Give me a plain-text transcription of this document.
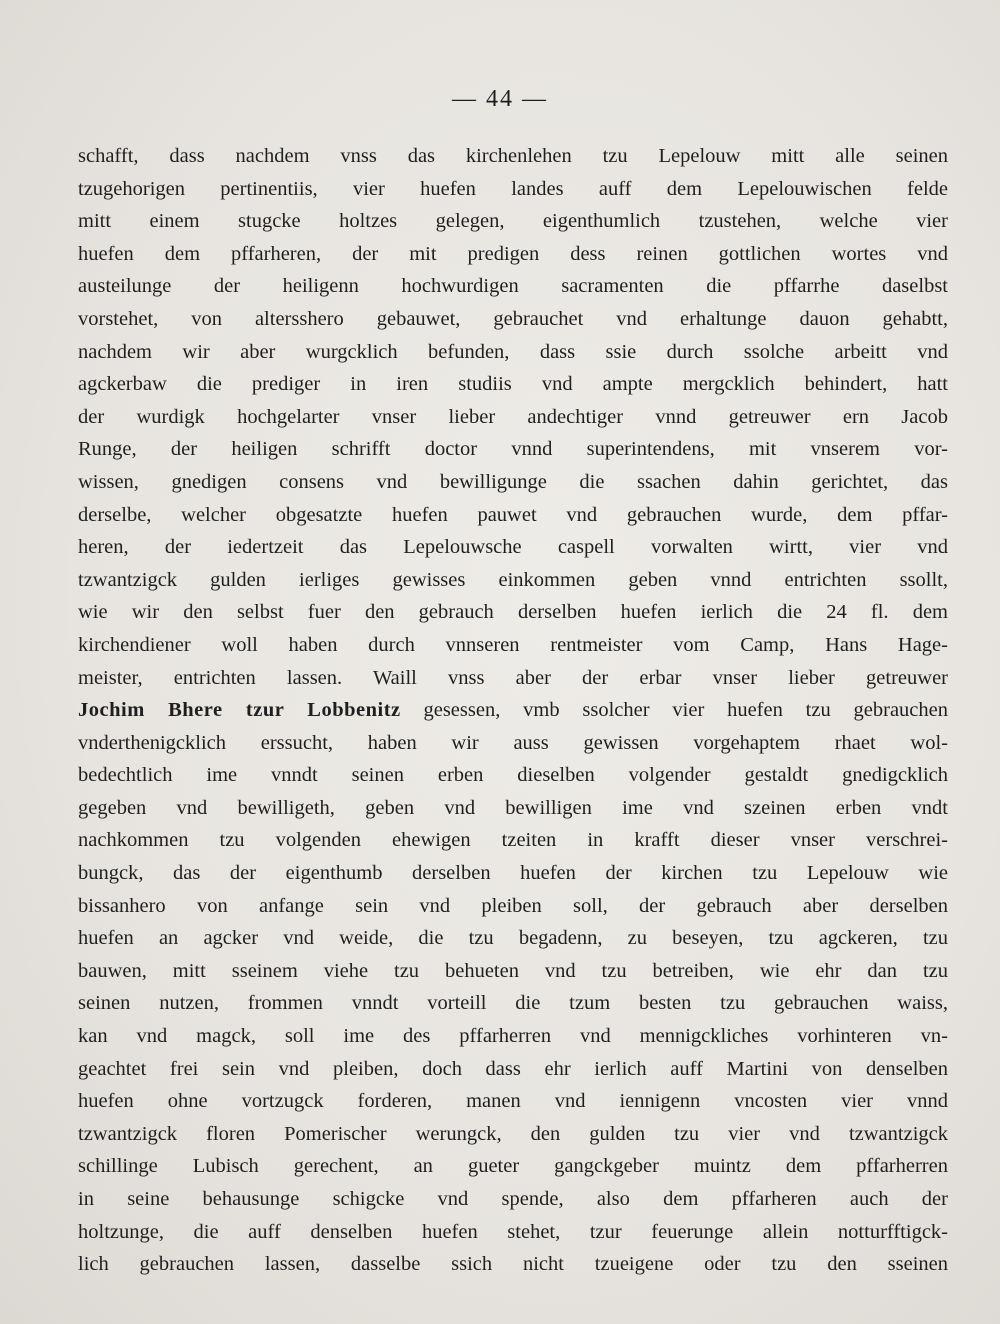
— 44 —
schafft, dass nachdem vnss das kirchenlehen tzu Lepelouw mitt alle seinen
tzugehorigen pertinentiis, vier huefen landes auff dem Lepelouwischen felde
mitt einem stugcke holtzes gelegen, eigenthumlich tzustehen, welche vier
huefen dem pffarheren, der mit predigen dess reinen gottlichen wortes vnd
austeilunge der heiligenn hochwurdigen sacramenten die pffarrhe daselbst
vorstehet, von altersshero gebauwet, gebrauchet vnd erhaltunge dauon gehabtt,
nachdem wir aber wurgcklich befunden, dass ssie durch ssolche arbeitt vnd
agckerbaw die prediger in iren studiis vnd ampte mergcklich behindert, hatt
der wurdigk hochgelarter vnser lieber andechtiger vnnd getreuwer ern Jacob
Runge, der heiligen schrifft doctor vnnd superintendens, mit vnserem vor-
wissen, gnedigen consens vnd bewilligunge die ssachen dahin gerichtet, das
derselbe, welcher obgesatzte huefen pauwet vnd gebrauchen wurde, dem pffar-
heren, der iedertzeit das Lepelouwsche caspell vorwalten wirtt, vier vnd
tzwantzigck gulden ierliges gewisses einkommen geben vnnd entrichten ssollt,
wie wir den selbst fuer den gebrauch derselben huefen ierlich die 24 fl. dem
kirchendiener woll haben durch vnnseren rentmeister vom Camp, Hans Hage-
meister, entrichten lassen. Waill vnss aber der erbar vnser lieber getreuwer
Jochim Bhere tzur Lobbenitz gesessen, vmb ssolcher vier huefen tzu gebrauchen
vnderthenigcklich erssucht, haben wir auss gewissen vorgehaptem rhaet wol-
bedechtlich ime vnndt seinen erben dieselben volgender gestaldt gnedigcklich
gegeben vnd bewilligeth, geben vnd bewilligen ime vnd szeinen erben vndt
nachkommen tzu volgenden ehewigen tzeiten in krafft dieser vnser verschrei-
bungck, das der eigenthumb derselben huefen der kirchen tzu Lepelouw wie
bissanhero von anfange sein vnd pleiben soll, der gebrauch aber derselben
huefen an agcker vnd weide, die tzu begadenn, zu beseyen, tzu agckeren, tzu
bauwen, mitt sseinem viehe tzu behueten vnd tzu betreiben, wie ehr dan tzu
seinen nutzen, frommen vnndt vorteill die tzum besten tzu gebrauchen waiss,
kan vnd magck, soll ime des pffarherren vnd mennigckliches vorhinteren vn-
geachtet frei sein vnd pleiben, doch dass ehr ierlich auff Martini von denselben
huefen ohne vortzugck forderen, manen vnd iennigenn vncosten vier vnnd
tzwantzigck floren Pomerischer werungck, den gulden tzu vier vnd tzwantzigck
schillinge Lubisch gerechent, an gueter gangckgeber muintz dem pffarherren
in seine behausunge schigcke vnd spende, also dem pffarheren auch der
holtzunge, die auff denselben huefen stehet, tzur feuerunge allein notturfftigck-
lich gebrauchen lassen, dasselbe ssich nicht tzueigene oder tzu den sseinen
